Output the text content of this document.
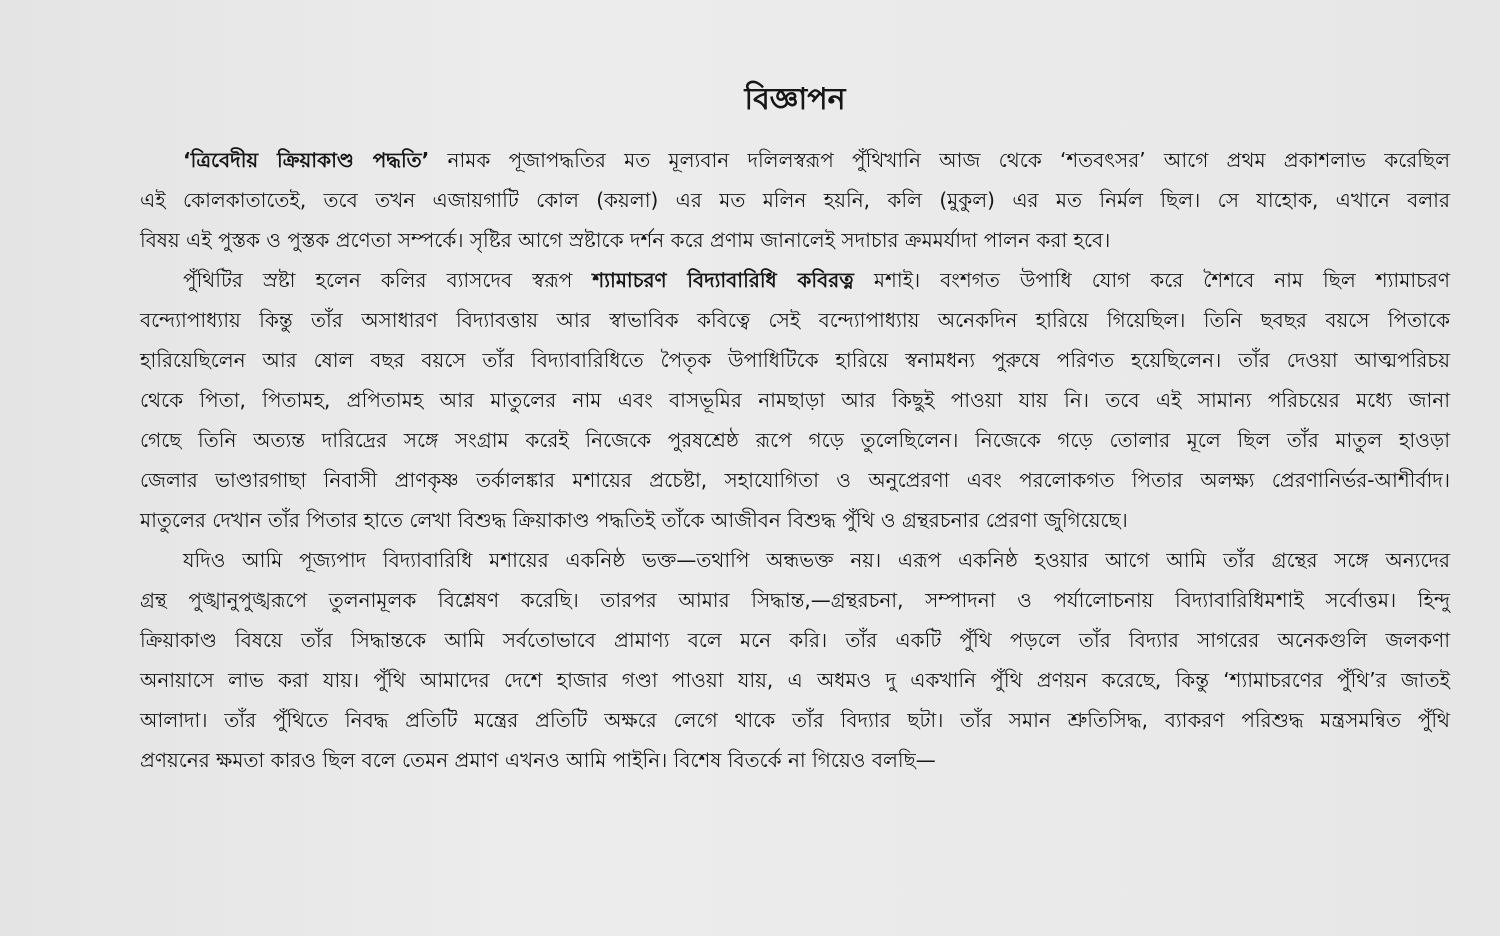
বিজ্ঞাপন
‘ত্রিবেদীয় ক্রিয়াকাণ্ড পদ্ধতি’ নামক পূজাপদ্ধতির মত মূল্যবান দলিলস্বরূপ পুঁথিখানি আজ থেকে ‘শতবৎসর’ আগে প্রথম প্রকাশলাভ করেছিল
এই কোলকাতাতেই, তবে তখন এজায়গাটি কোল (কয়লা) এর মত মলিন হয়নি, কলি (মুকুল) এর মত নির্মল ছিল। সে যাহোক, এখানে বলার
বিষয় এই পুস্তক ও পুস্তক প্রণেতা সম্পর্কে। সৃষ্টির আগে স্রষ্টাকে দর্শন করে প্রণাম জানালেই সদাচার ক্রমমর্যাদা পালন করা হবে।
পুঁথিটির স্রষ্টা হলেন কলির ব্যাসদেব স্বরূপ শ্যামাচরণ বিদ্যাবারিধি কবিরত্ন মশাই। বংশগত উপাধি যোগ করে শৈশবে নাম ছিল শ্যামাচরণ
বন্দ্যোপাধ্যায় কিন্তু তাঁর অসাধারণ বিদ্যাবত্তায় আর স্বাভাবিক কবিত্বে সেই বন্দ্যোপাধ্যায় অনেকদিন হারিয়ে গিয়েছিল। তিনি ছবছর বয়সে পিতাকে
হারিয়েছিলেন আর ষোল বছর বয়সে তাঁর বিদ্যাবারিধিতে পৈতৃক উপাধিটিকে হারিয়ে স্বনামধন্য পুরুষে পরিণত হয়েছিলেন। তাঁর দেওয়া আত্মপরিচয়
থেকে পিতা, পিতামহ, প্রপিতামহ আর মাতুলের নাম এবং বাসভূমির নামছাড়া আর কিছুই পাওয়া যায় নি। তবে এই সামান্য পরিচয়ের মধ্যে জানা
গেছে তিনি অত্যন্ত দারিদ্রের সঙ্গে সংগ্রাম করেই নিজেকে পুরষশ্রেষ্ঠ রূপে গড়ে তুলেছিলেন। নিজেকে গড়ে তোলার মূলে ছিল তাঁর মাতুল হাওড়া
জেলার ভাণ্ডারগাছা নিবাসী প্রাণকৃষ্ণ তর্কালঙ্কার মশায়ের প্রচেষ্টা, সহাযোগিতা ও অনুপ্রেরণা এবং পরলোকগত পিতার অলক্ষ্য প্রেরণানির্ভর-আশীর্বাদ।
মাতুলের দেখান তাঁর পিতার হাতে লেখা বিশুদ্ধ ক্রিয়াকাণ্ড পদ্ধতিই তাঁকে আজীবন বিশুদ্ধ পুঁথি ও গ্রন্থরচনার প্রেরণা জুগিয়েছে।
যদিও আমি পূজ্যপাদ বিদ্যাবারিধি মশায়ের একনিষ্ঠ ভক্ত—তথাপি অন্ধভক্ত নয়। এরূপ একনিষ্ঠ হওয়ার আগে আমি তাঁর গ্রন্থের সঙ্গে অন্যদের
গ্রন্থ পুঙ্খানুপুঙ্খরূপে তুলনামূলক বিশ্লেষণ করেছি। তারপর আমার সিদ্ধান্ত,—গ্রন্থরচনা, সম্পাদনা ও পর্যালোচনায় বিদ্যাবারিধিমশাই সর্বোত্তম। হিন্দু
ক্রিয়াকাণ্ড বিষয়ে তাঁর সিদ্ধান্তকে আমি সর্বতোভাবে প্রামাণ্য বলে মনে করি। তাঁর একটি পুঁথি পড়লে তাঁর বিদ্যার সাগরের অনেকগুলি জলকণা
অনায়াসে লাভ করা যায়। পুঁথি আমাদের দেশে হাজার গণ্ডা পাওয়া যায়, এ অধমও দু একখানি পুঁথি প্রণয়ন করেছে, কিন্তু ‘শ্যামাচরণের পুঁথি’র জাতই
আলাদা। তাঁর পুঁথিতে নিবদ্ধ প্রতিটি মন্ত্রের প্রতিটি অক্ষরে লেগে থাকে তাঁর বিদ্যার ছটা। তাঁর সমান শ্রুতিসিদ্ধ, ব্যাকরণ পরিশুদ্ধ মন্ত্রসমন্বিত পুঁথি
প্রণয়নের ক্ষমতা কারও ছিল বলে তেমন প্রমাণ এখনও আমি পাইনি। বিশেষ বিতর্কে না গিয়েও বলছি—
